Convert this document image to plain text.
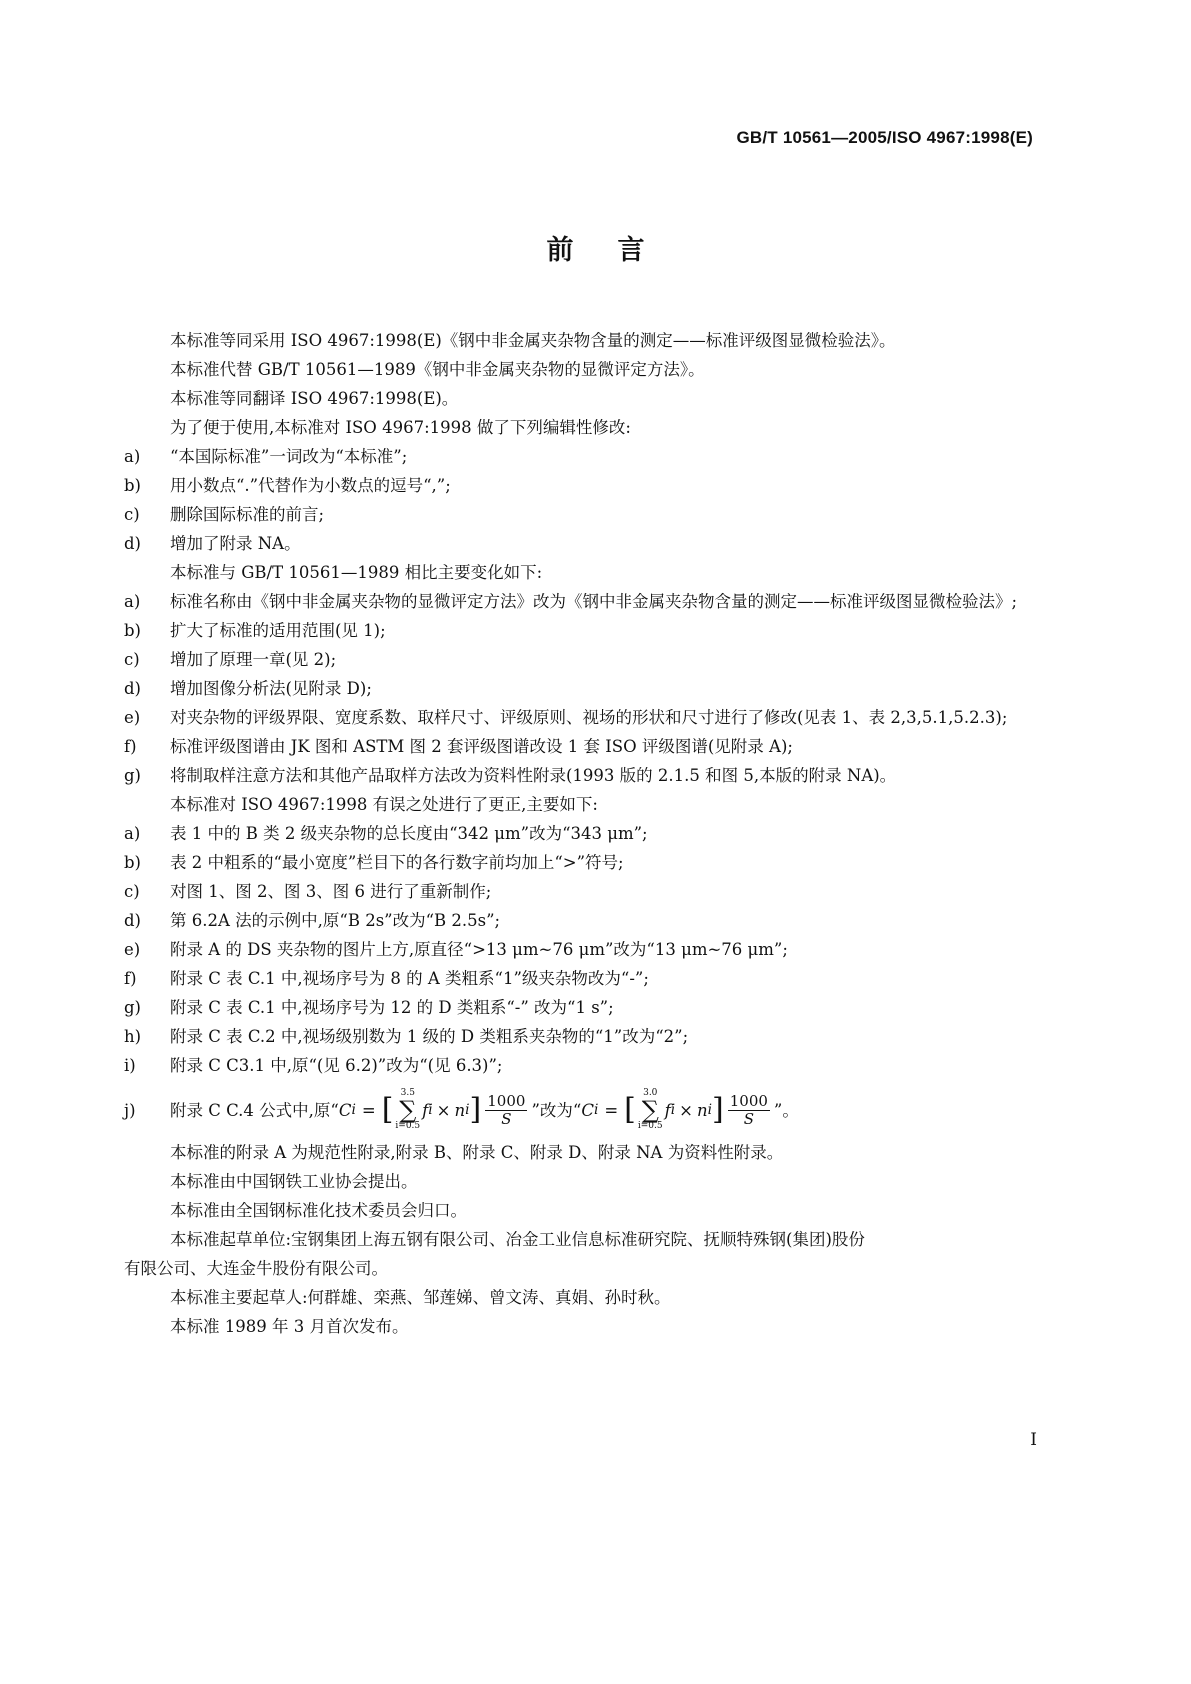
GB/T 10561—2005/ISO 4967:1998(E)
前言
本标准等同采用 ISO 4967:1998(E)《钢中非金属夹杂物含量的测定——标准评级图显微检验法》。
本标准代替 GB/T 10561—1989《钢中非金属夹杂物的显微评定方法》。
本标准等同翻译 ISO 4967:1998(E)。
为了便于使用,本标准对 ISO 4967:1998 做了下列编辑性修改:
a)	“本国际标准”一词改为“本标准”;
b)	用小数点“.”代替作为小数点的逗号“,”;
c)	删除国际标准的前言;
d)	增加了附录 NA。
本标准与 GB/T 10561—1989 相比主要变化如下:
a)	标准名称由《钢中非金属夹杂物的显微评定方法》改为《钢中非金属夹杂物含量的测定——标准评级图显微检验法》;
b)	扩大了标准的适用范围(见 1);
c)	增加了原理一章(见 2);
d)	增加图像分析法(见附录 D);
e)	对夹杂物的评级界限、宽度系数、取样尺寸、评级原则、视场的形状和尺寸进行了修改(见表 1、表 2,3,5.1,5.2.3);
f)	标准评级图谱由 JK 图和 ASTM 图 2 套评级图谱改设 1 套 ISO 评级图谱(见附录 A);
g)	将制取样注意方法和其他产品取样方法改为资料性附录(1993 版的 2.1.5 和图 5,本版的附录 NA)。
本标准对 ISO 4967:1998 有误之处进行了更正,主要如下:
a)	表 1 中的 B 类 2 级夹杂物的总长度由“342 μm”改为“343 μm”;
b)	表 2 中粗系的“最小宽度”栏目下的各行数字前均加上“>”符号;
c)	对图 1、图 2、图 3、图 6 进行了重新制作;
d)	第 6.2A 法的示例中,原“B 2s”改为“B 2.5s”;
e)	附录 A 的 DS 夹杂物的图片上方,原直径“>13 μm~76 μm”改为“13 μm~76 μm”;
f)	附录 C 表 C.1 中,视场序号为 8 的 A 类粗系“1”级夹杂物改为“-”;
g)	附录 C 表 C.1 中,视场序号为 12 的 D 类粗系“-” 改为“1 s”;
h)	附录 C 表 C.2 中,视场级别数为 1 级的 D 类粗系夹杂物的“1”改为“2”;
i)	附录 C C3.1 中,原“(见 6.2)”改为“(见 6.3)”;
j)	附录 C C.4 公式中,原“ C i = [ 3.5
∑
i=0.5
f i × n i ] $\frac{1000}{S}$ ”改为“ C i = [ 3.0
∑
i=0.5
f i × n i ] $\frac{1000}{S}$ ”。
本标准的附录 A 为规范性附录,附录 B、附录 C、附录 D、附录 NA 为资料性附录。
本标准由中国钢铁工业协会提出。
本标准由全国钢标准化技术委员会归口。
本标准起草单位:宝钢集团上海五钢有限公司、冶金工业信息标准研究院、抚顺特殊钢(集团)股份
有限公司、大连金牛股份有限公司。
本标准主要起草人:何群雄、栾燕、邹莲娣、曾文涛、真娟、孙时秋。
本标准 1989 年 3 月首次发布。
I
